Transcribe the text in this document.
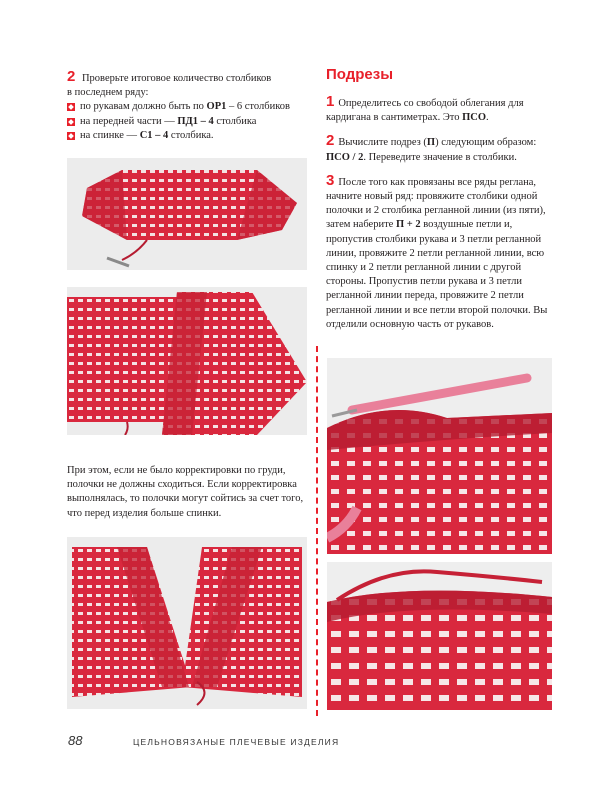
2 Проверьте итоговое количество столбиков
в последнем ряду:
по рукавам должно быть по ОР1 – 6 столбиков
на передней части — ПД1 – 4 столбика
на спинке — С1 – 4 столбика.
При этом, если не было корректировки по груди, полочки не должны сходиться. Если корректировка выполнялась, то полочки могут сойтись за счет того, что перед изделия больше спинки.
Подрезы
1 Определитесь со свободой облегания для кардигана в сантиметрах. Это ПСО.
2 Вычислите подрез (П) следующим образом: ПСО / 2. Переведите значение в столбики.
3 После того как провязаны все ряды реглана, начните новый ряд: провяжите столбики одной полочки и 2 столбика регланной линии (из пяти), затем наберите П + 2 воздушные петли и, пропустив столбики рукава и 3 петли регланной линии, провяжите 2 петли регланной линии, всю спинку и 2 петли регланной линии с другой стороны. Пропустив петли рукава и 3 петли регланной линии переда, провяжите 2 петли регланной линии и все петли второй полочки. Вы отделили основную часть от рукавов.
88	ЦЕЛЬНОВЯЗАНЫЕ ПЛЕЧЕВЫЕ ИЗДЕЛИЯ
PassionForum.ru
